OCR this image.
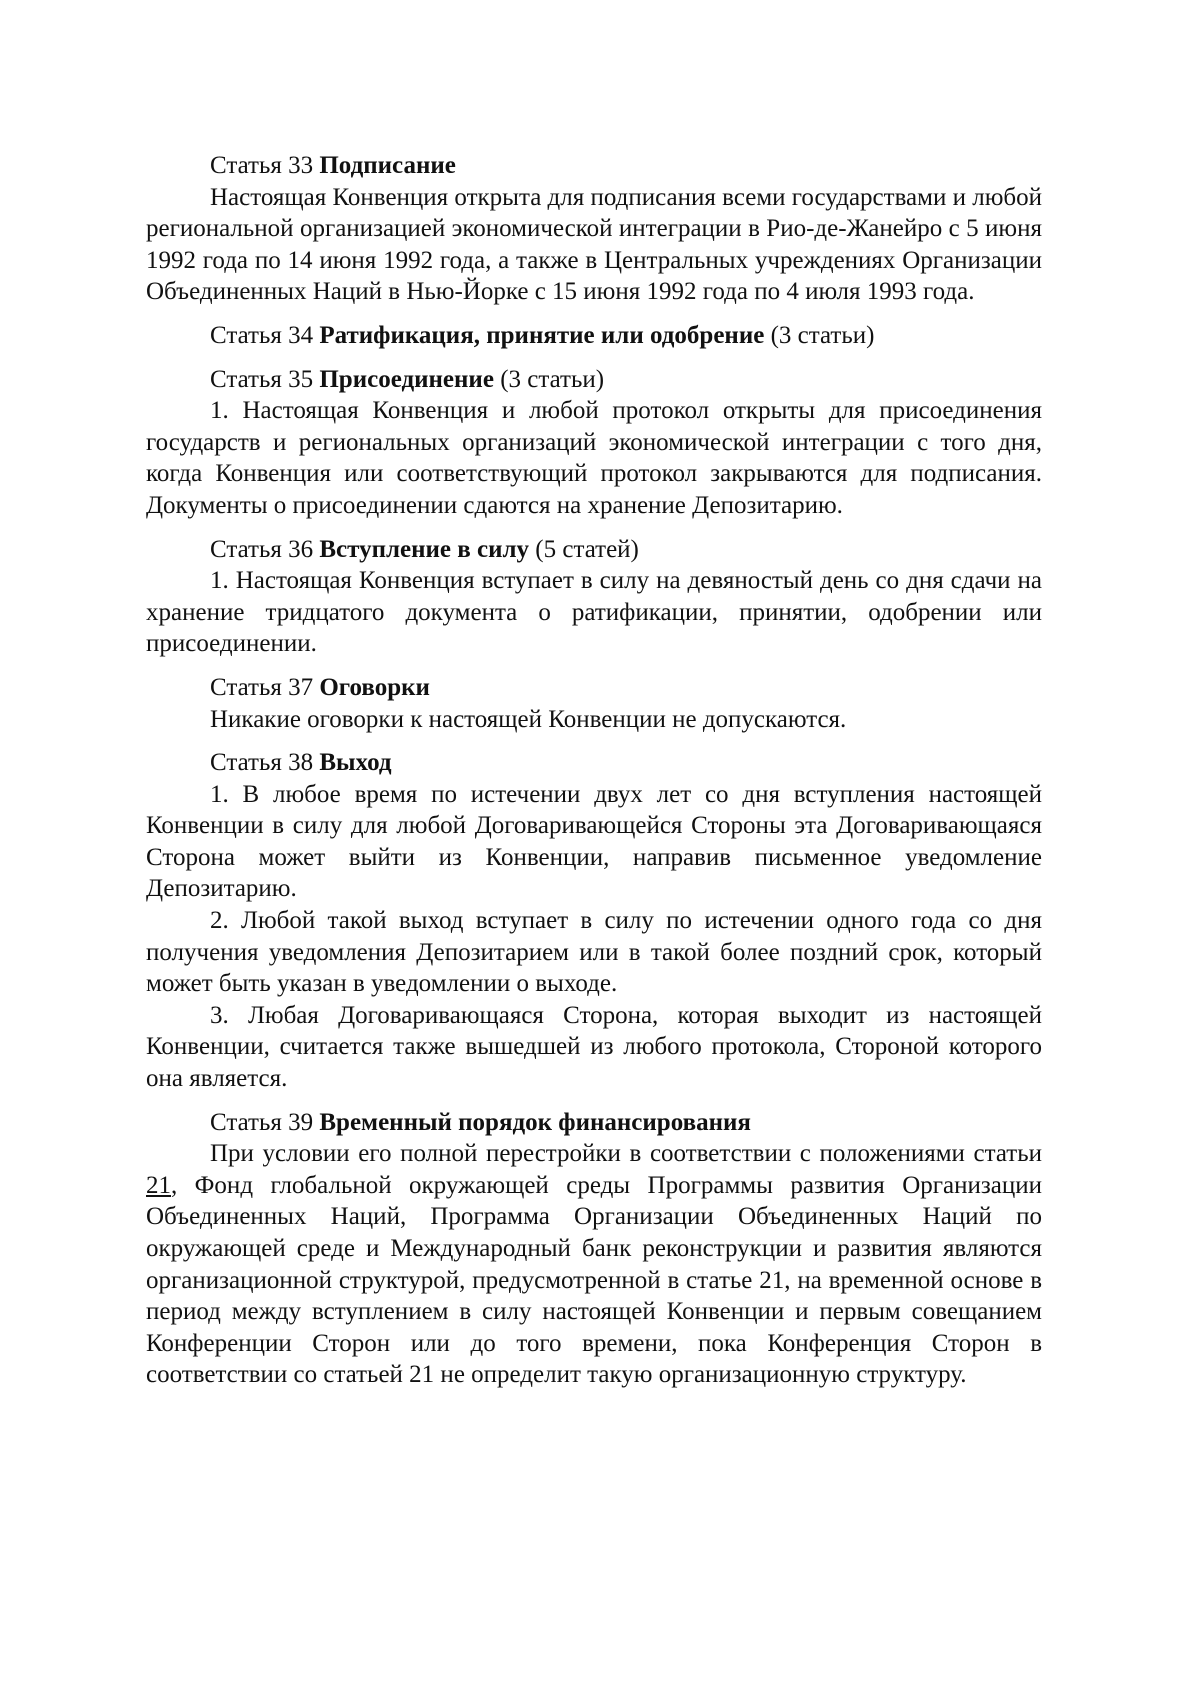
Статья 33 Подписание
Настоящая Конвенция открыта для подписания всеми государствами и любой региональной организацией экономической интеграции в Рио-де-Жанейро с 5 июня 1992 года по 14 июня 1992 года, а также в Центральных учреждениях Организации Объединенных Наций в Нью-Йорке с 15 июня 1992 года по 4 июля 1993 года.
Статья 34 Ратификация, принятие или одобрение (3 статьи)
Статья 35 Присоединение (3 статьи)
1. Настоящая Конвенция и любой протокол открыты для присоединения государств и региональных организаций экономической интеграции с того дня, когда Конвенция или соответствующий протокол закрываются для подписания. Документы о присоединении сдаются на хранение Депозитарию.
Статья 36 Вступление в силу (5 статей)
1. Настоящая Конвенция вступает в силу на девяностый день со дня сдачи на хранение тридцатого документа о ратификации, принятии, одобрении или присоединении.
Статья 37 Оговорки
Никакие оговорки к настоящей Конвенции не допускаются.
Статья 38 Выход
1. В любое время по истечении двух лет со дня вступления настоящей Конвенции в силу для любой Договаривающейся Стороны эта Договаривающаяся Сторона может выйти из Конвенции, направив письменное уведомление Депозитарию.
2. Любой такой выход вступает в силу по истечении одного года со дня получения уведомления Депозитарием или в такой более поздний срок, который может быть указан в уведомлении о выходе.
3. Любая Договаривающаяся Сторона, которая выходит из настоящей Конвенции, считается также вышедшей из любого протокола, Стороной которого она является.
Статья 39 Временный порядок финансирования
При условии его полной перестройки в соответствии с положениями статьи 21, Фонд глобальной окружающей среды Программы развития Организации Объединенных Наций, Программа Организации Объединенных Наций по окружающей среде и Международный банк реконструкции и развития являются организационной структурой, предусмотренной в статье 21, на временной основе в период между вступлением в силу настоящей Конвенции и первым совещанием Конференции Сторон или до того времени, пока Конференция Сторон в соответствии со статьей 21 не определит такую организационную структуру.
